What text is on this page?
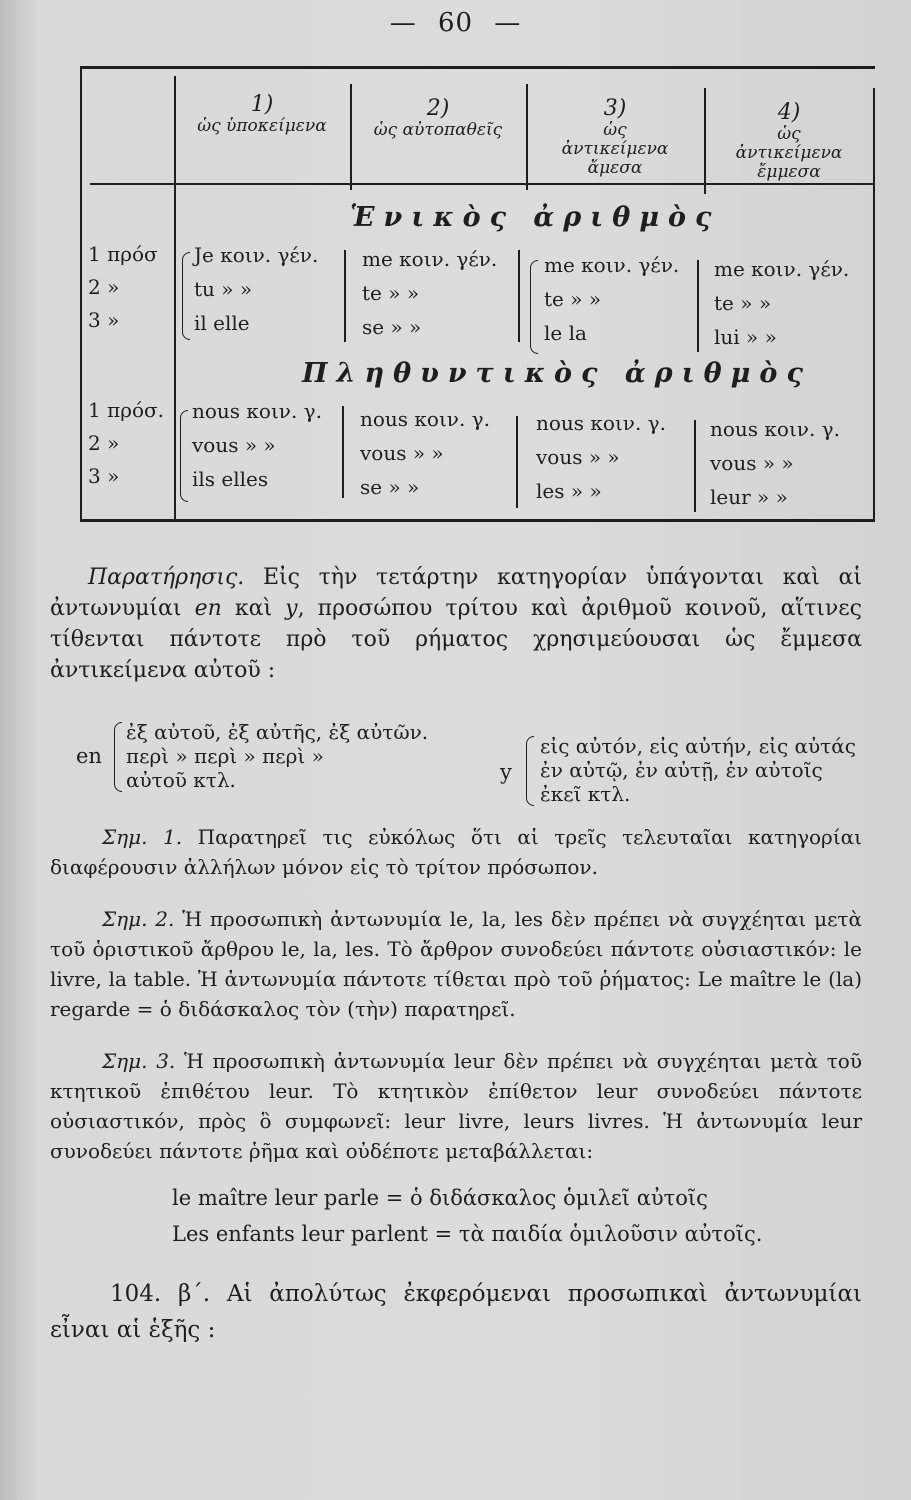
— 60 —
1)
ὡς ὑποκείμενα
2)
ὡς αὐτοπαθεῖς
3)
ὡς ἀντικείμενα ἄμεσα
4)
ὡς ἀντικείμενα ἔμμεσα
Ἑνικὸς ἀριθμὸς
1 πρόσ
2 »
3 »
Je κοιν. γέν.
tu » »
il elle
me κοιν. γέν.
te » »
se » »
me κοιν. γέν.
te » »
le la
me κοιν. γέν.
te » »
lui » »
Πληθυντικὸς ἀριθμὸς
1 πρόσ.
2 »
3 »
nous κοιν. γ.
vous » »
ils elles
nous κοιν. γ.
vous » »
se » »
nous κοιν. γ.
vous » »
les » »
nous κοιν. γ.
vous » »
leur » »
Παρατήρησις. Εἰς τὴν τετάρτην κατηγορίαν ὑπάγονται καὶ αἱ ἀντωνυμίαι en καὶ y, προσώπου τρίτου καὶ ἀριθμοῦ κοινοῦ, αἵτινες τίθενται πάντοτε πρὸ τοῦ ρήματος χρησιμεύουσαι ὡς ἔμμεσα ἀντικείμενα αὐτοῦ :
en
ἐξ αὐτοῦ, ἐξ αὐτῆς, ἐξ αὐτῶν.
περὶ » περὶ » περὶ »
αὐτοῦ κτλ.	y
εἰς αὐτόν, εἰς αὐτήν, εἰς αὐτάς
ἐν αὐτῷ, ἐν αὐτῇ, ἐν αὐτοῖς
ἐκεῖ κτλ.
Σημ. 1. Παρατηρεῖ τις εὐκόλως ὅτι αἱ τρεῖς τελευταῖαι κατηγορίαι διαφέρουσιν ἀλλήλων μόνον εἰς τὸ τρίτον πρόσωπον.
Σημ. 2. Ἡ προσωπικὴ ἀντωνυμία le, la, les δὲν πρέπει νὰ συγχέηται μετὰ τοῦ ὁριστικοῦ ἄρθρου le, la, les. Τὸ ἄρθρον συνοδεύει πάντοτε οὐσιαστικόν: le livre, la table. Ἡ ἀντωνυμία πάντοτε τίθεται πρὸ τοῦ ῥήματος: Le maître le (la) regarde = ὁ διδάσκαλος τὸν (τὴν) παρατηρεῖ.
Σημ. 3. Ἡ προσωπικὴ ἀντωνυμία leur δὲν πρέπει νὰ συγχέηται μετὰ τοῦ κτητικοῦ ἐπιθέτου leur. Τὸ κτητικὸν ἐπίθετον leur συνοδεύει πάντοτε οὐσιαστικόν, πρὸς ὃ συμφωνεῖ: leur livre, leurs livres. Ἡ ἀντωνυμία leur συνοδεύει πάντοτε ῥῆμα καὶ οὐδέποτε μεταβάλλεται:
le maître leur parle = ὁ διδάσκαλος ὁμιλεῖ αὐτοῖς
Les enfants leur parlent = τὰ παιδία ὁμιλοῦσιν αὐτοῖς.
104. β΄. Αἱ ἀπολύτως ἐκφερόμεναι προσωπικαὶ ἀντωνυμίαι εἶναι αἱ ἑξῆς :
